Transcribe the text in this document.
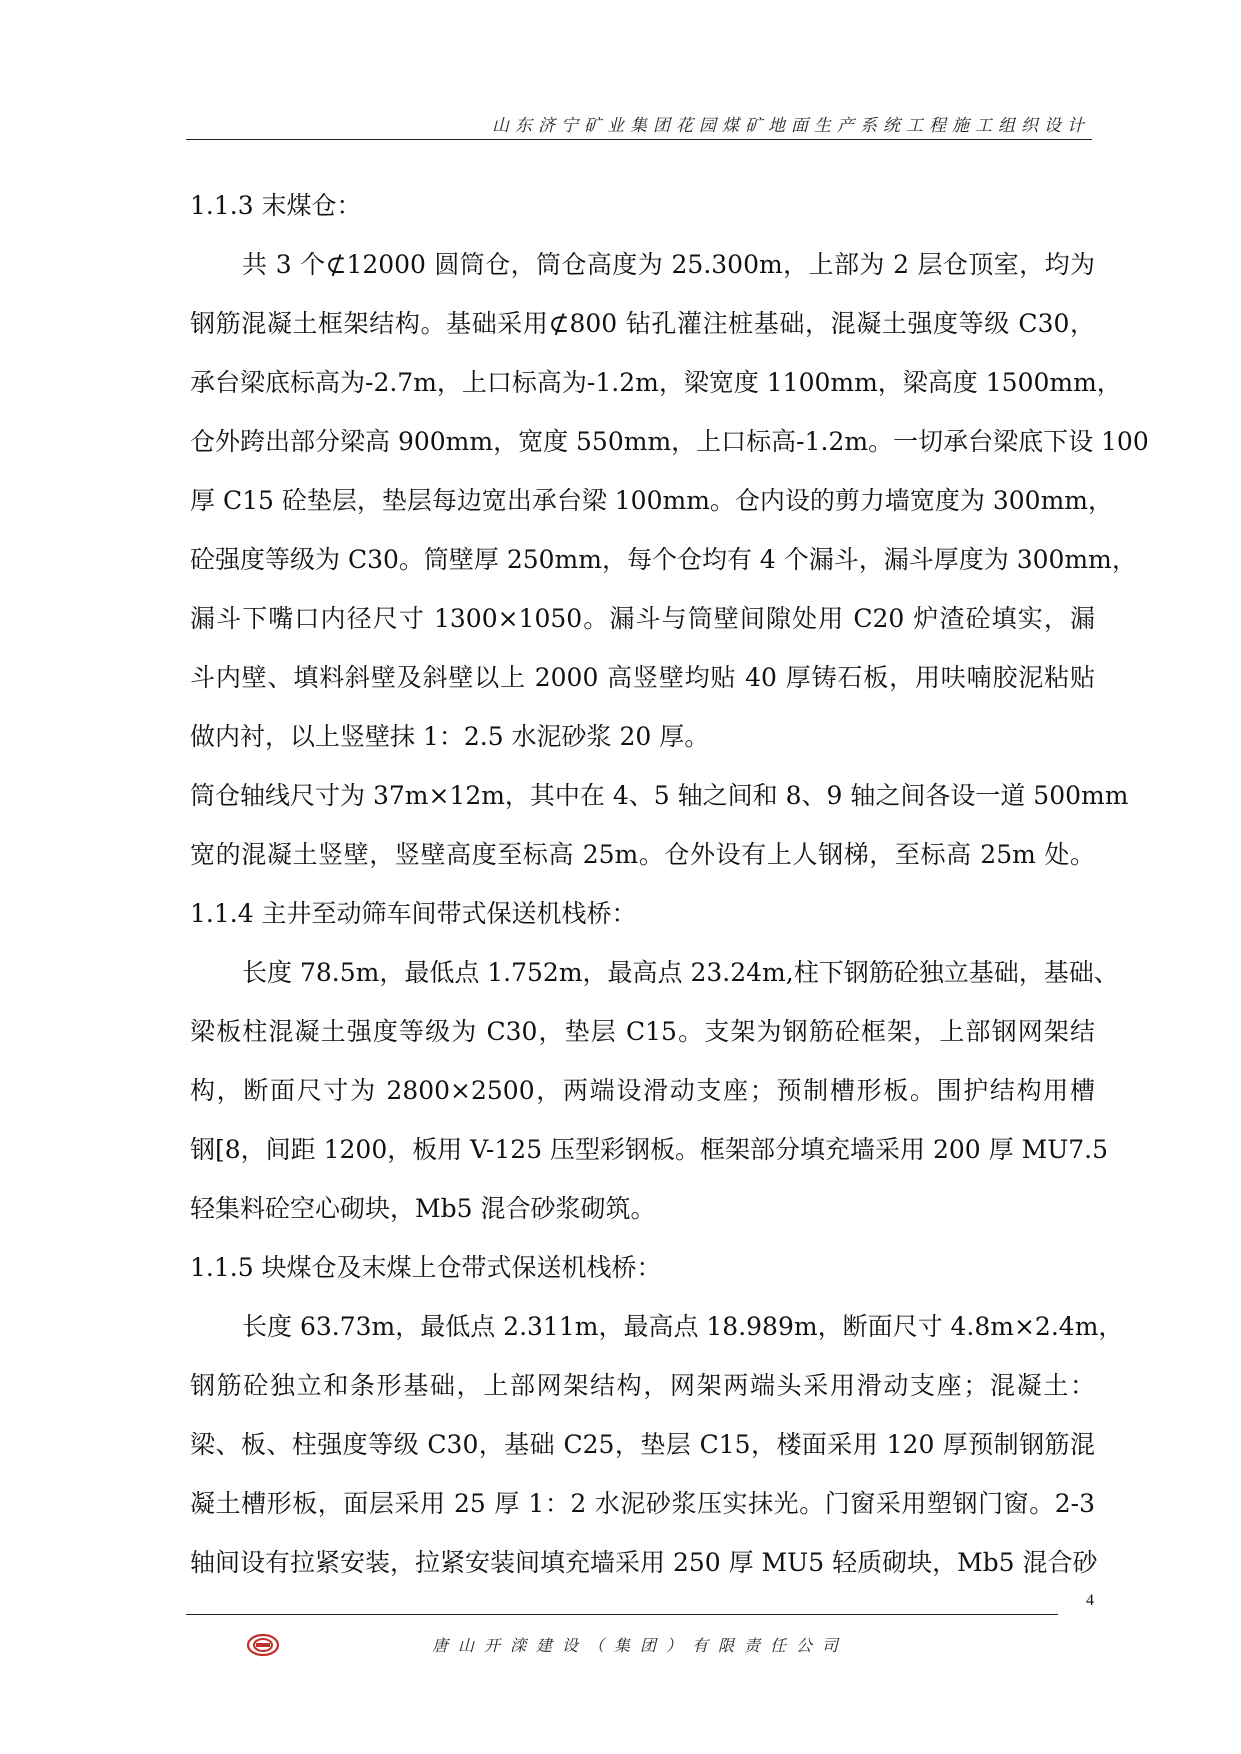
山东济宁矿业集团花园煤矿地面生产系统工程施工组织设计

1.1.3 末煤仓：

共 3 个⊄12000 圆筒仓，筒仓高度为 25.300m，上部为 2 层仓顶室，均为

钢筋混凝土框架结构。基础采用⊄800 钻孔灌注桩基础，混凝土强度等级 C30，

承台梁底标高为-2.7m，上口标高为-1.2m，梁宽度 1100mm，梁高度 1500mm，

仓外跨出部分梁高 900mm，宽度 550mm，上口标高-1.2m。一切承台梁底下设 100

厚 C15 砼垫层，垫层每边宽出承台梁 100mm。仓内设的剪力墙宽度为 300mm，

砼强度等级为 C30。筒壁厚 250mm，每个仓均有 4 个漏斗，漏斗厚度为 300mm，

漏斗下嘴口内径尺寸 1300×1050。漏斗与筒壁间隙处用 C20 炉渣砼填实，漏

斗内壁、填料斜壁及斜壁以上 2000 高竖壁均贴 40 厚铸石板，用呋喃胶泥粘贴

做内衬，以上竖壁抹 1：2.5 水泥砂浆 20 厚。

筒仓轴线尺寸为 37m×12m，其中在 4、5 轴之间和 8、9 轴之间各设一道 500mm

宽的混凝土竖壁，竖壁高度至标高 25m。仓外设有上人钢梯，至标高 25m 处。

1.1.4 主井至动筛车间带式保送机栈桥：

长度 78.5m，最低点 1.752m，最高点 23.24m,柱下钢筋砼独立基础，基础、

梁板柱混凝土强度等级为 C30，垫层 C15。支架为钢筋砼框架，上部钢网架结

构，断面尺寸为 2800×2500，两端设滑动支座；预制槽形板。围护结构用槽

钢[8，间距 1200，板用 V-125 压型彩钢板。框架部分填充墙采用 200 厚 MU7.5

轻集料砼空心砌块，Mb5 混合砂浆砌筑。

1.1.5 块煤仓及末煤上仓带式保送机栈桥：

长度 63.73m，最低点 2.311m，最高点 18.989m，断面尺寸 4.8m×2.4m，

钢筋砼独立和条形基础，上部网架结构，网架两端头采用滑动支座；混凝土：

梁、板、柱强度等级 C30，基础 C25，垫层 C15，楼面采用 120 厚预制钢筋混

凝土槽形板，面层采用 25 厚 1：2 水泥砂浆压实抹光。门窗采用塑钢门窗。2-3

轴间设有拉紧安装，拉紧安装间填充墙采用 250 厚 MU5 轻质砌块，Mb5 混合砂

4
唐山开滦建设（集团）有限责任公司
